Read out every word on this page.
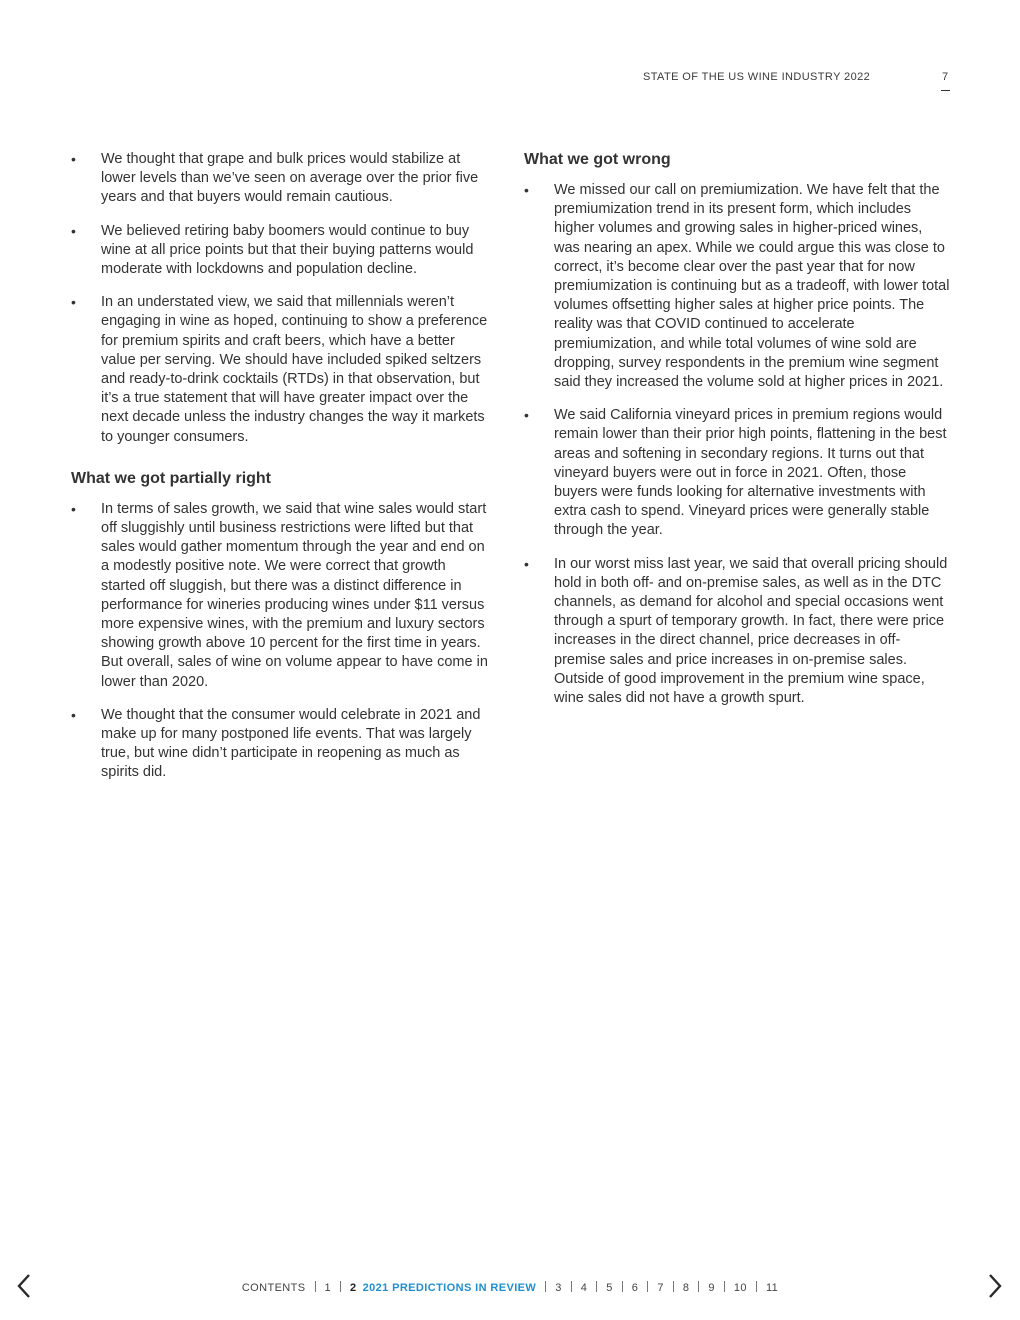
STATE OF THE US WINE INDUSTRY 2022	7
• We thought that grape and bulk prices would stabilize at lower levels than we’ve seen on average over the prior five years and that buyers would remain cautious.
• We believed retiring baby boomers would continue to buy wine at all price points but that their buying patterns would moderate with lockdowns and population decline.
• In an understated view, we said that millennials weren’t engaging in wine as hoped, continuing to show a preference for premium spirits and craft beers, which have a better value per serving. We should have included spiked seltzers and ready-to-drink cocktails (RTDs) in that observation, but it’s a true statement that will have greater impact over the next decade unless the industry changes the way it markets to younger consumers.
What we got partially right
• In terms of sales growth, we said that wine sales would start off sluggishly until business restrictions were lifted but that sales would gather momentum through the year and end on a modestly positive note. We were correct that growth started off sluggish, but there was a distinct difference in performance for wineries producing wines under $11 versus more expensive wines, with the premium and luxury sectors showing growth above 10 percent for the first time in years. But overall, sales of wine on volume appear to have come in lower than 2020.
• We thought that the consumer would celebrate in 2021 and make up for many postponed life events. That was largely true, but wine didn’t participate in reopening as much as spirits did.
What we got wrong
• We missed our call on premiumization. We have felt that the premiumization trend in its present form, which includes higher volumes and growing sales in higher-priced wines, was nearing an apex. While we could argue this was close to correct, it’s become clear over the past year that for now premiumization is continuing but as a tradeoff, with lower total volumes offsetting higher sales at higher price points. The reality was that COVID continued to accelerate premiumization, and while total volumes of wine sold are dropping, survey respondents in the premium wine segment said they increased the volume sold at higher prices in 2021.
• We said California vineyard prices in premium regions would remain lower than their prior high points, flattening in the best areas and softening in secondary regions. It turns out that vineyard buyers were out in force in 2021. Often, those buyers were funds looking for alternative investments with extra cash to spend. Vineyard prices were generally stable through the year.
• In our worst miss last year, we said that overall pricing should hold in both off- and on-premise sales, as well as in the DTC channels, as demand for alcohol and special occasions went through a spurt of temporary growth. In fact, there were price increases in the direct channel, price decreases in off-premise sales and price increases in on-premise sales. Outside of good improvement in the premium wine space, wine sales did not have a growth spurt.
CONTENTS 1 2 2021 PREDICTIONS IN REVIEW 3 4 5 6 7 8 9 10 11
